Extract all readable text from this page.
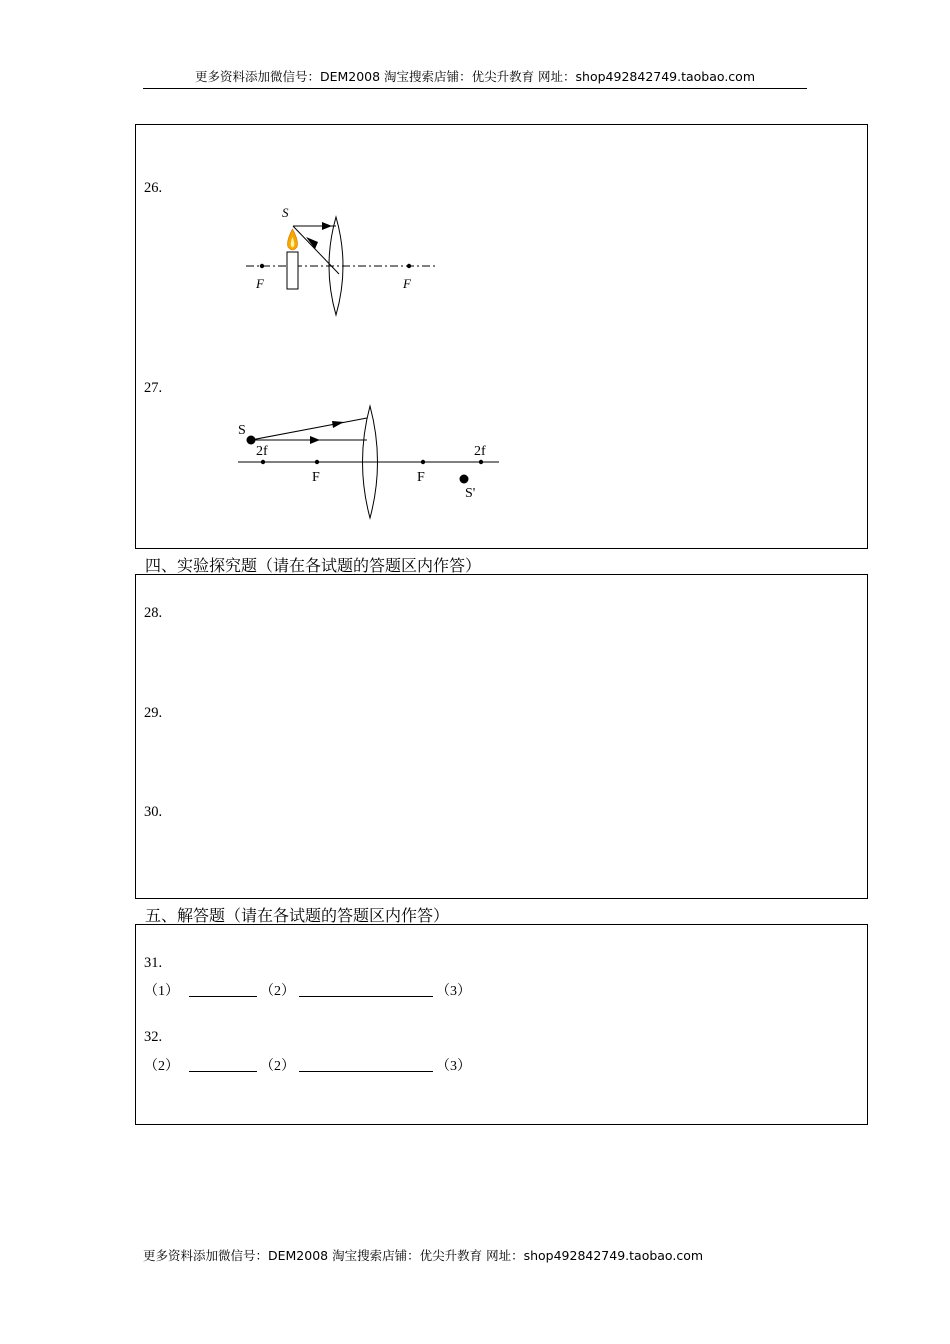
更多资料添加微信号：DEM2008 淘宝搜索店铺：优尖升教育 网址：shop492842749.taobao.com
26.
S
F	F
S
2f
F	F
2f
S'
27.
四、实验探究题（请在各试题的答题区内作答）
28.
29.
30.
五、解答题（请在各试题的答题区内作答）
31.
（1）	（2）	（3）
32.
（2）	（2）	（3）
更多资料添加微信号：DEM2008 淘宝搜索店铺：优尖升教育 网址：shop492842749.taobao.com
